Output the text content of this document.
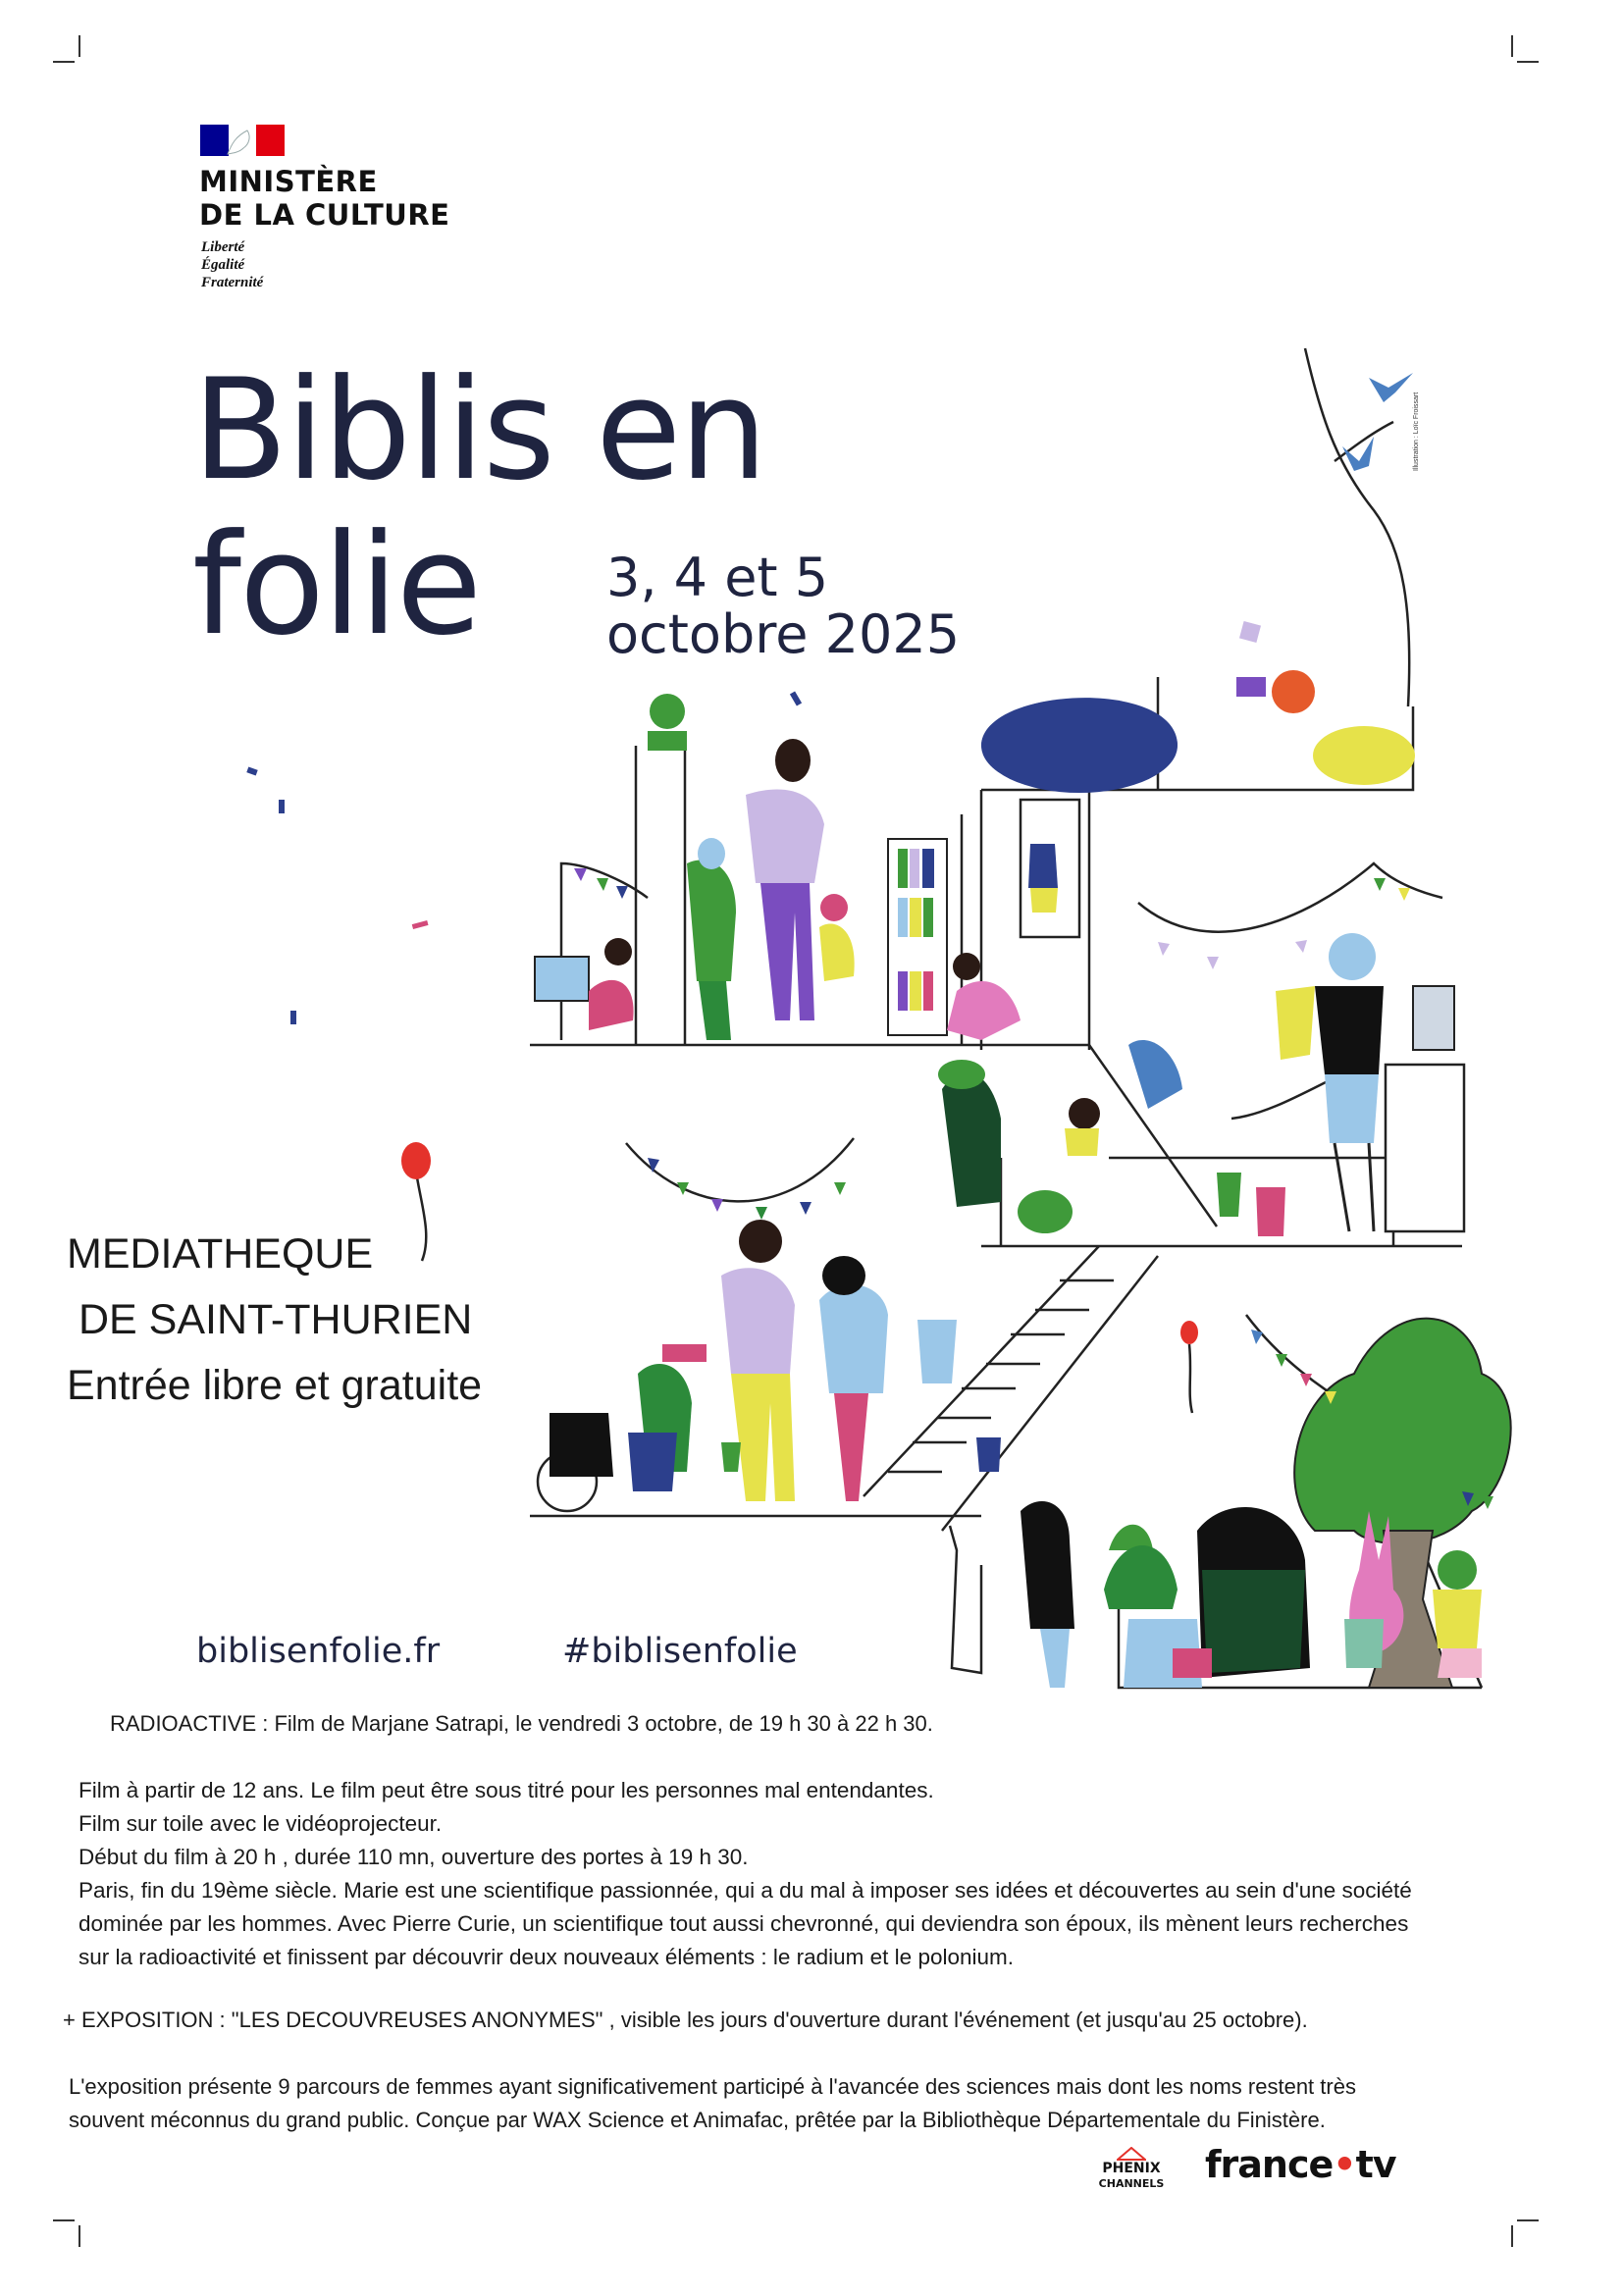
MINISTÈRE
DE LA CULTURE
Liberté
Égalité
Fraternité
Biblis en
folie 3, 4 et 5
octobre 2025
Illustration : Loïc Froissart
MEDIATHEQUE
DE SAINT-THURIEN
Entrée libre et gratuite
biblisenfolie.fr	#biblisenfolie
RADIOACTIVE : Film de Marjane Satrapi, le vendredi 3 octobre, de 19 h 30 à 22 h 30.
Film à partir de 12 ans. Le film peut être sous titré pour les personnes mal entendantes.
Film sur toile avec le vidéoprojecteur.
Début du film à 20 h , durée 110 mn, ouverture des portes à 19 h 30.
Paris, fin du 19ème siècle. Marie est une scientifique passionnée, qui a du mal à imposer ses idées et découvertes au sein d'une société
dominée par les hommes. Avec Pierre Curie, un scientifique tout aussi chevronné, qui deviendra son époux, ils mènent leurs recherches
sur la radioactivité et finissent par découvrir deux nouveaux éléments : le radium et le polonium.
+ EXPOSITION : "LES DECOUVREUSES ANONYMES" , visible les jours d'ouverture durant l'événement (et jusqu'au 25 octobre).
L'exposition présente 9 parcours de femmes ayant significativement participé à l'avancée des sciences mais dont les noms restent très
souvent méconnus du grand public. Conçue par WAX Science et Animafac, prêtée par la Bibliothèque Départementale du Finistère.
PHENIX
CHANNELS france•tv
